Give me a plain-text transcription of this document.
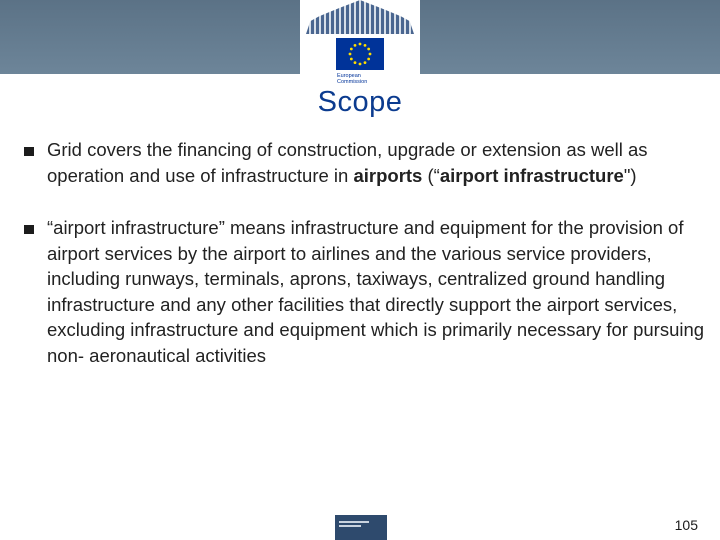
European
Commission
Scope
Grid covers the financing of construction, upgrade or extension as well as operation and use of infrastructure in airports (“airport infrastructure")
“airport infrastructure” means infrastructure and equipment for the provision of airport services by the airport to airlines and the various service providers, including runways, terminals, aprons, taxiways, centralized ground handling infrastructure and any other facilities that directly support the airport services, excluding infrastructure and equipment which is primarily necessary for pursuing non- aeronautical activities
105
